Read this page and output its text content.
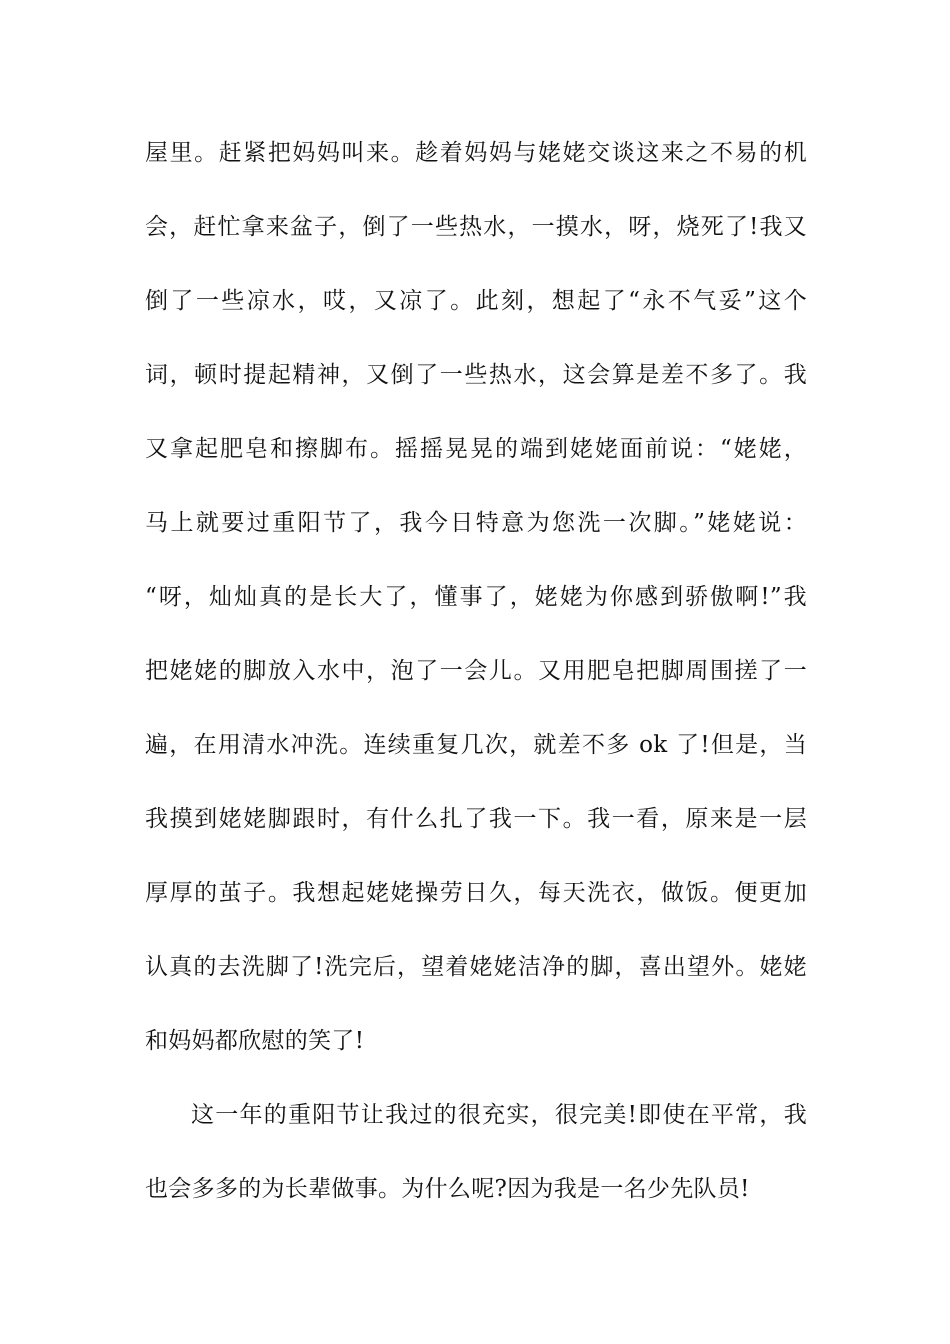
屋里。赶紧把妈妈叫来。趁着妈妈与姥姥交谈这来之不易的机
会，赶忙拿来盆子，倒了一些热水，一摸水，呀，烧死了!我又
倒了一些凉水，哎，又凉了。此刻，想起了“永不气妥”这个
词，顿时提起精神，又倒了一些热水，这会算是差不多了。我
又拿起肥皂和擦脚布。摇摇晃晃的端到姥姥面前说：“姥姥，
马上就要过重阳节了，我今日特意为您洗一次脚。”姥姥说：
“呀，灿灿真的是长大了，懂事了，姥姥为你感到骄傲啊!”我
把姥姥的脚放入水中，泡了一会儿。又用肥皂把脚周围搓了一
遍，在用清水冲洗。连续重复几次，就差不多 ok 了!但是，当
我摸到姥姥脚跟时，有什么扎了我一下。我一看，原来是一层
厚厚的茧子。我想起姥姥操劳日久，每天洗衣，做饭。便更加
认真的去洗脚了!洗完后，望着姥姥洁净的脚，喜出望外。姥姥
和妈妈都欣慰的笑了!
这一年的重阳节让我过的很充实，很完美!即使在平常，我
也会多多的为长辈做事。为什么呢?因为我是一名少先队员!
